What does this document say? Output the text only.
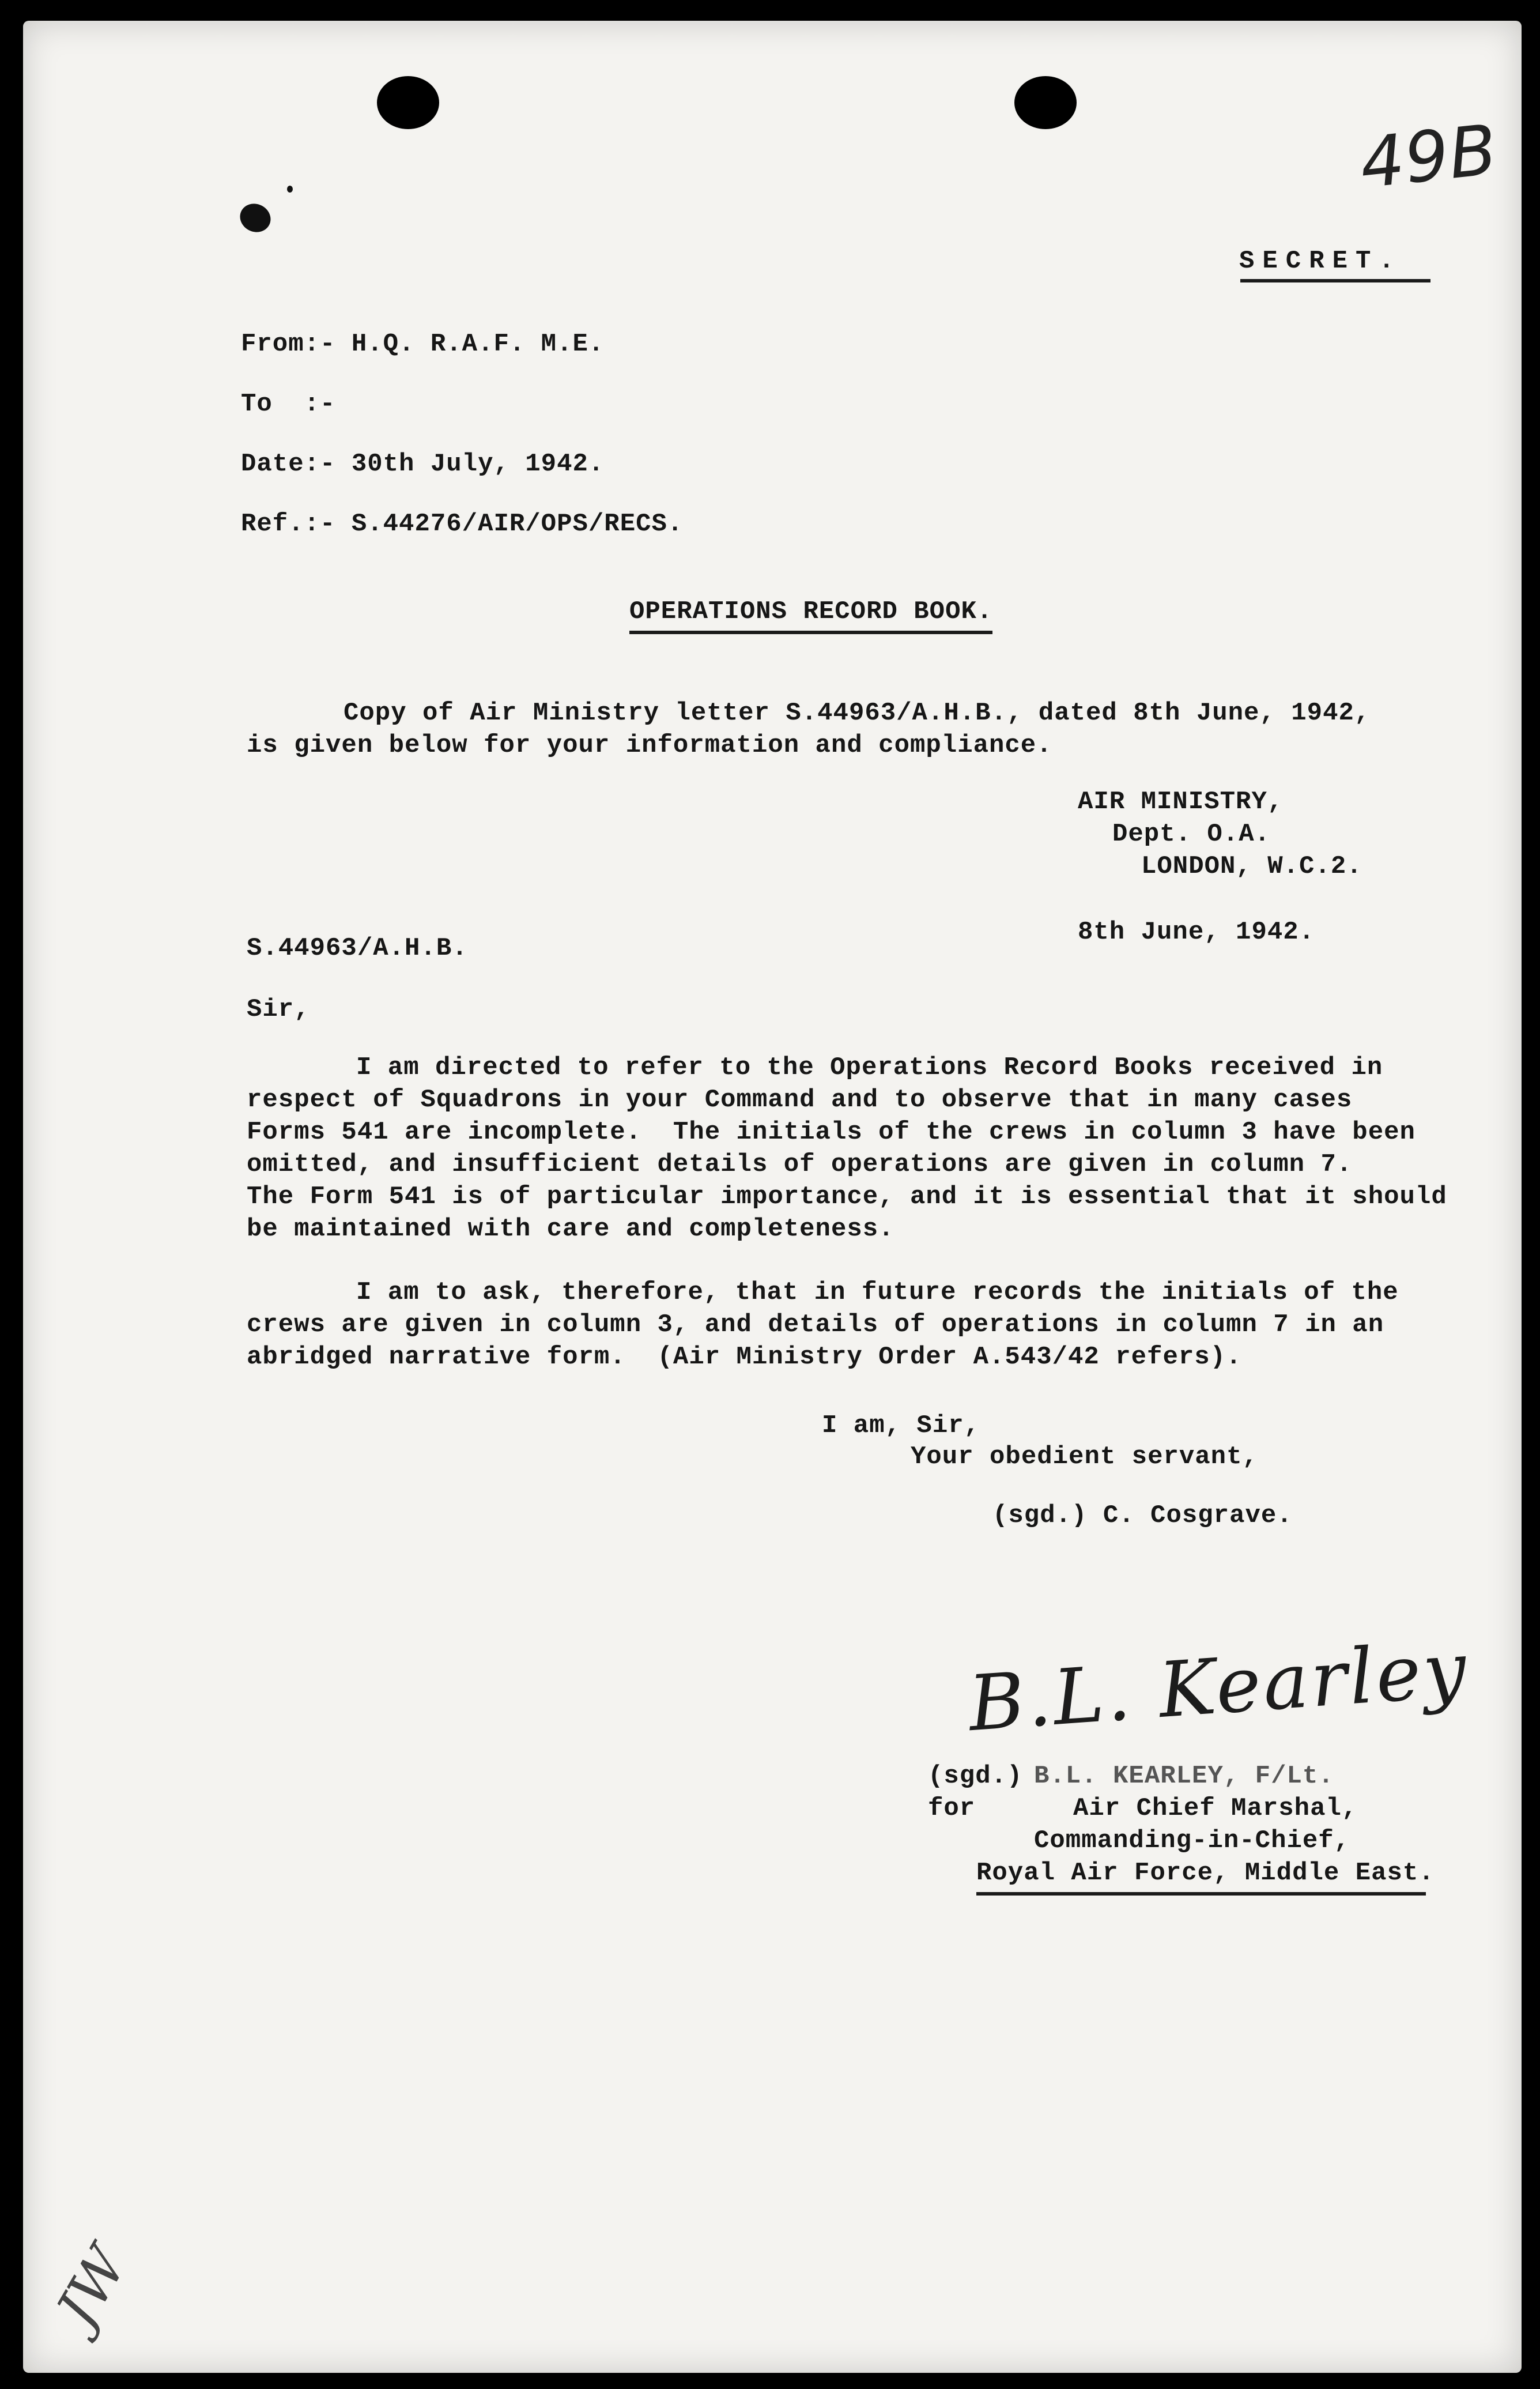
49B
SECRET.
From:- H.Q. R.A.F. M.E.
To  :-
Date:- 30th July, 1942.
Ref.:- S.44276/AIR/OPS/RECS.
OPERATIONS RECORD BOOK.
Copy of Air Ministry letter S.44963/A.H.B., dated 8th June, 1942,
is given below for your information and compliance.
AIR MINISTRY,
Dept. O.A.
LONDON, W.C.2.
8th June, 1942.
S.44963/A.H.B.
Sir,
I am directed to refer to the Operations Record Books received in
respect of Squadrons in your Command and to observe that in many cases
Forms 541 are incomplete.  The initials of the crews in column 3 have been
omitted, and insufficient details of operations are given in column 7.
The Form 541 is of particular importance, and it is essential that it should
be maintained with care and completeness.
I am to ask, therefore, that in future records the initials of the
crews are given in column 3, and details of operations in column 7 in an
abridged narrative form.  (Air Ministry Order A.543/42 refers).
I am, Sir,
Your obedient servant,
(sgd.) C. Cosgrave.
B.L. Kearley
(sgd.) B.L. KEARLEY, F/Lt.
for	Air Chief Marshal,
Commanding-in-Chief,
Royal Air Force, Middle East.
JW
